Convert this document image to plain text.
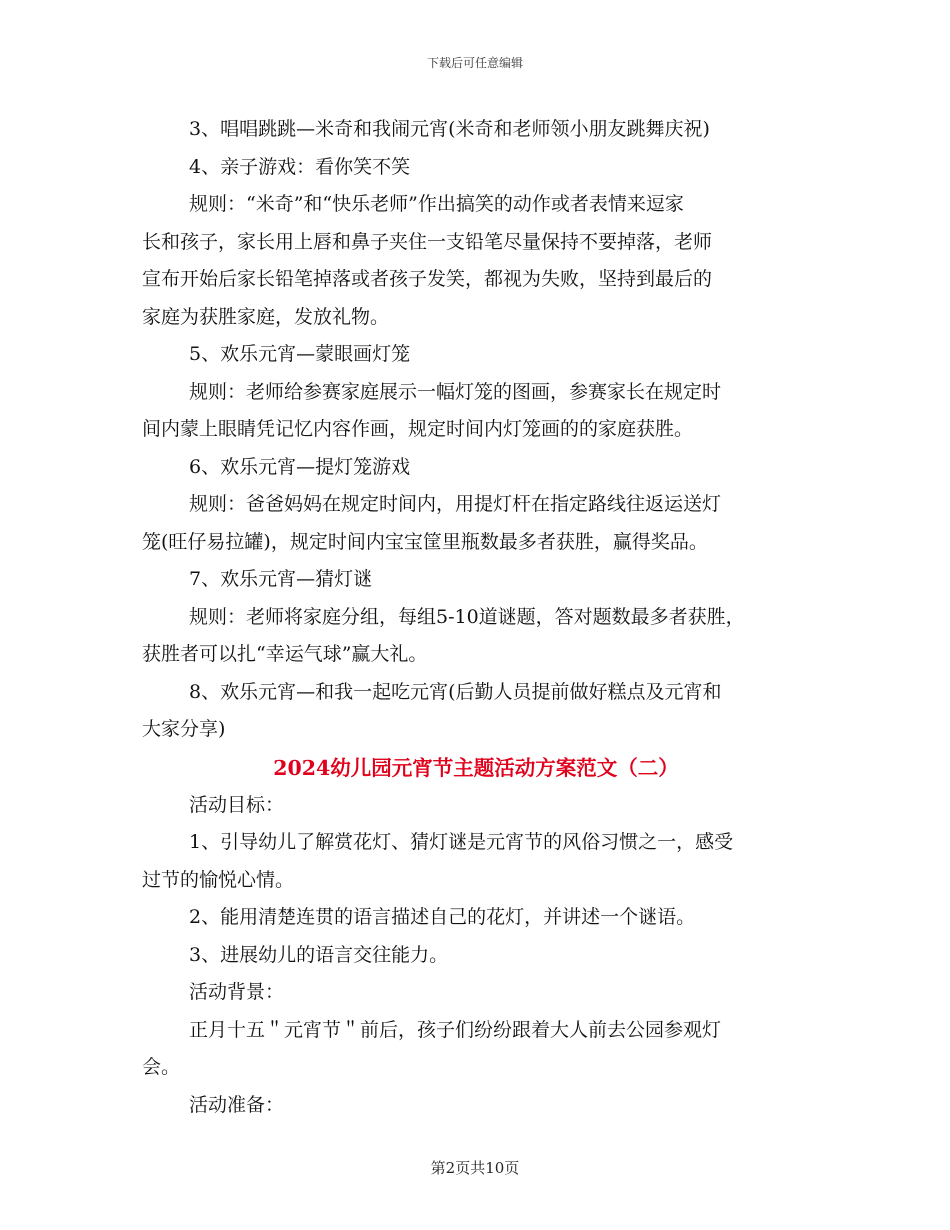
下载后可任意编辑
3、唱唱跳跳—米奇和我闹元宵(米奇和老师领小朋友跳舞庆祝)
4、亲子游戏：看你笑不笑
规则：“米奇”和“快乐老师”作出搞笑的动作或者表情来逗家
长和孩子，家长用上唇和鼻子夹住一支铅笔尽量保持不要掉落，老师
宣布开始后家长铅笔掉落或者孩子发笑，都视为失败，坚持到最后的
家庭为获胜家庭，发放礼物。
5、欢乐元宵—蒙眼画灯笼
规则：老师给参赛家庭展示一幅灯笼的图画，参赛家长在规定时
间内蒙上眼睛凭记忆内容作画，规定时间内灯笼画的的家庭获胜。
6、欢乐元宵—提灯笼游戏
规则：爸爸妈妈在规定时间内，用提灯杆在指定路线往返运送灯
笼(旺仔易拉罐)，规定时间内宝宝筐里瓶数最多者获胜，赢得奖品。
7、欢乐元宵—猜灯谜
规则：老师将家庭分组，每组5-10道谜题，答对题数最多者获胜，
获胜者可以扎“幸运气球”赢大礼。
8、欢乐元宵—和我一起吃元宵(后勤人员提前做好糕点及元宵和
大家分享)
2024幼儿园元宵节主题活动方案范文（二）
活动目标：
1、引导幼儿了解赏花灯、猜灯谜是元宵节的风俗习惯之一，感受
过节的愉悦心情。
2、能用清楚连贯的语言描述自己的花灯，并讲述一个谜语。
3、进展幼儿的语言交往能力。
活动背景：
正月十五＂元宵节＂前后，孩子们纷纷跟着大人前去公园参观灯
会。
活动准备：
第2页共10页
